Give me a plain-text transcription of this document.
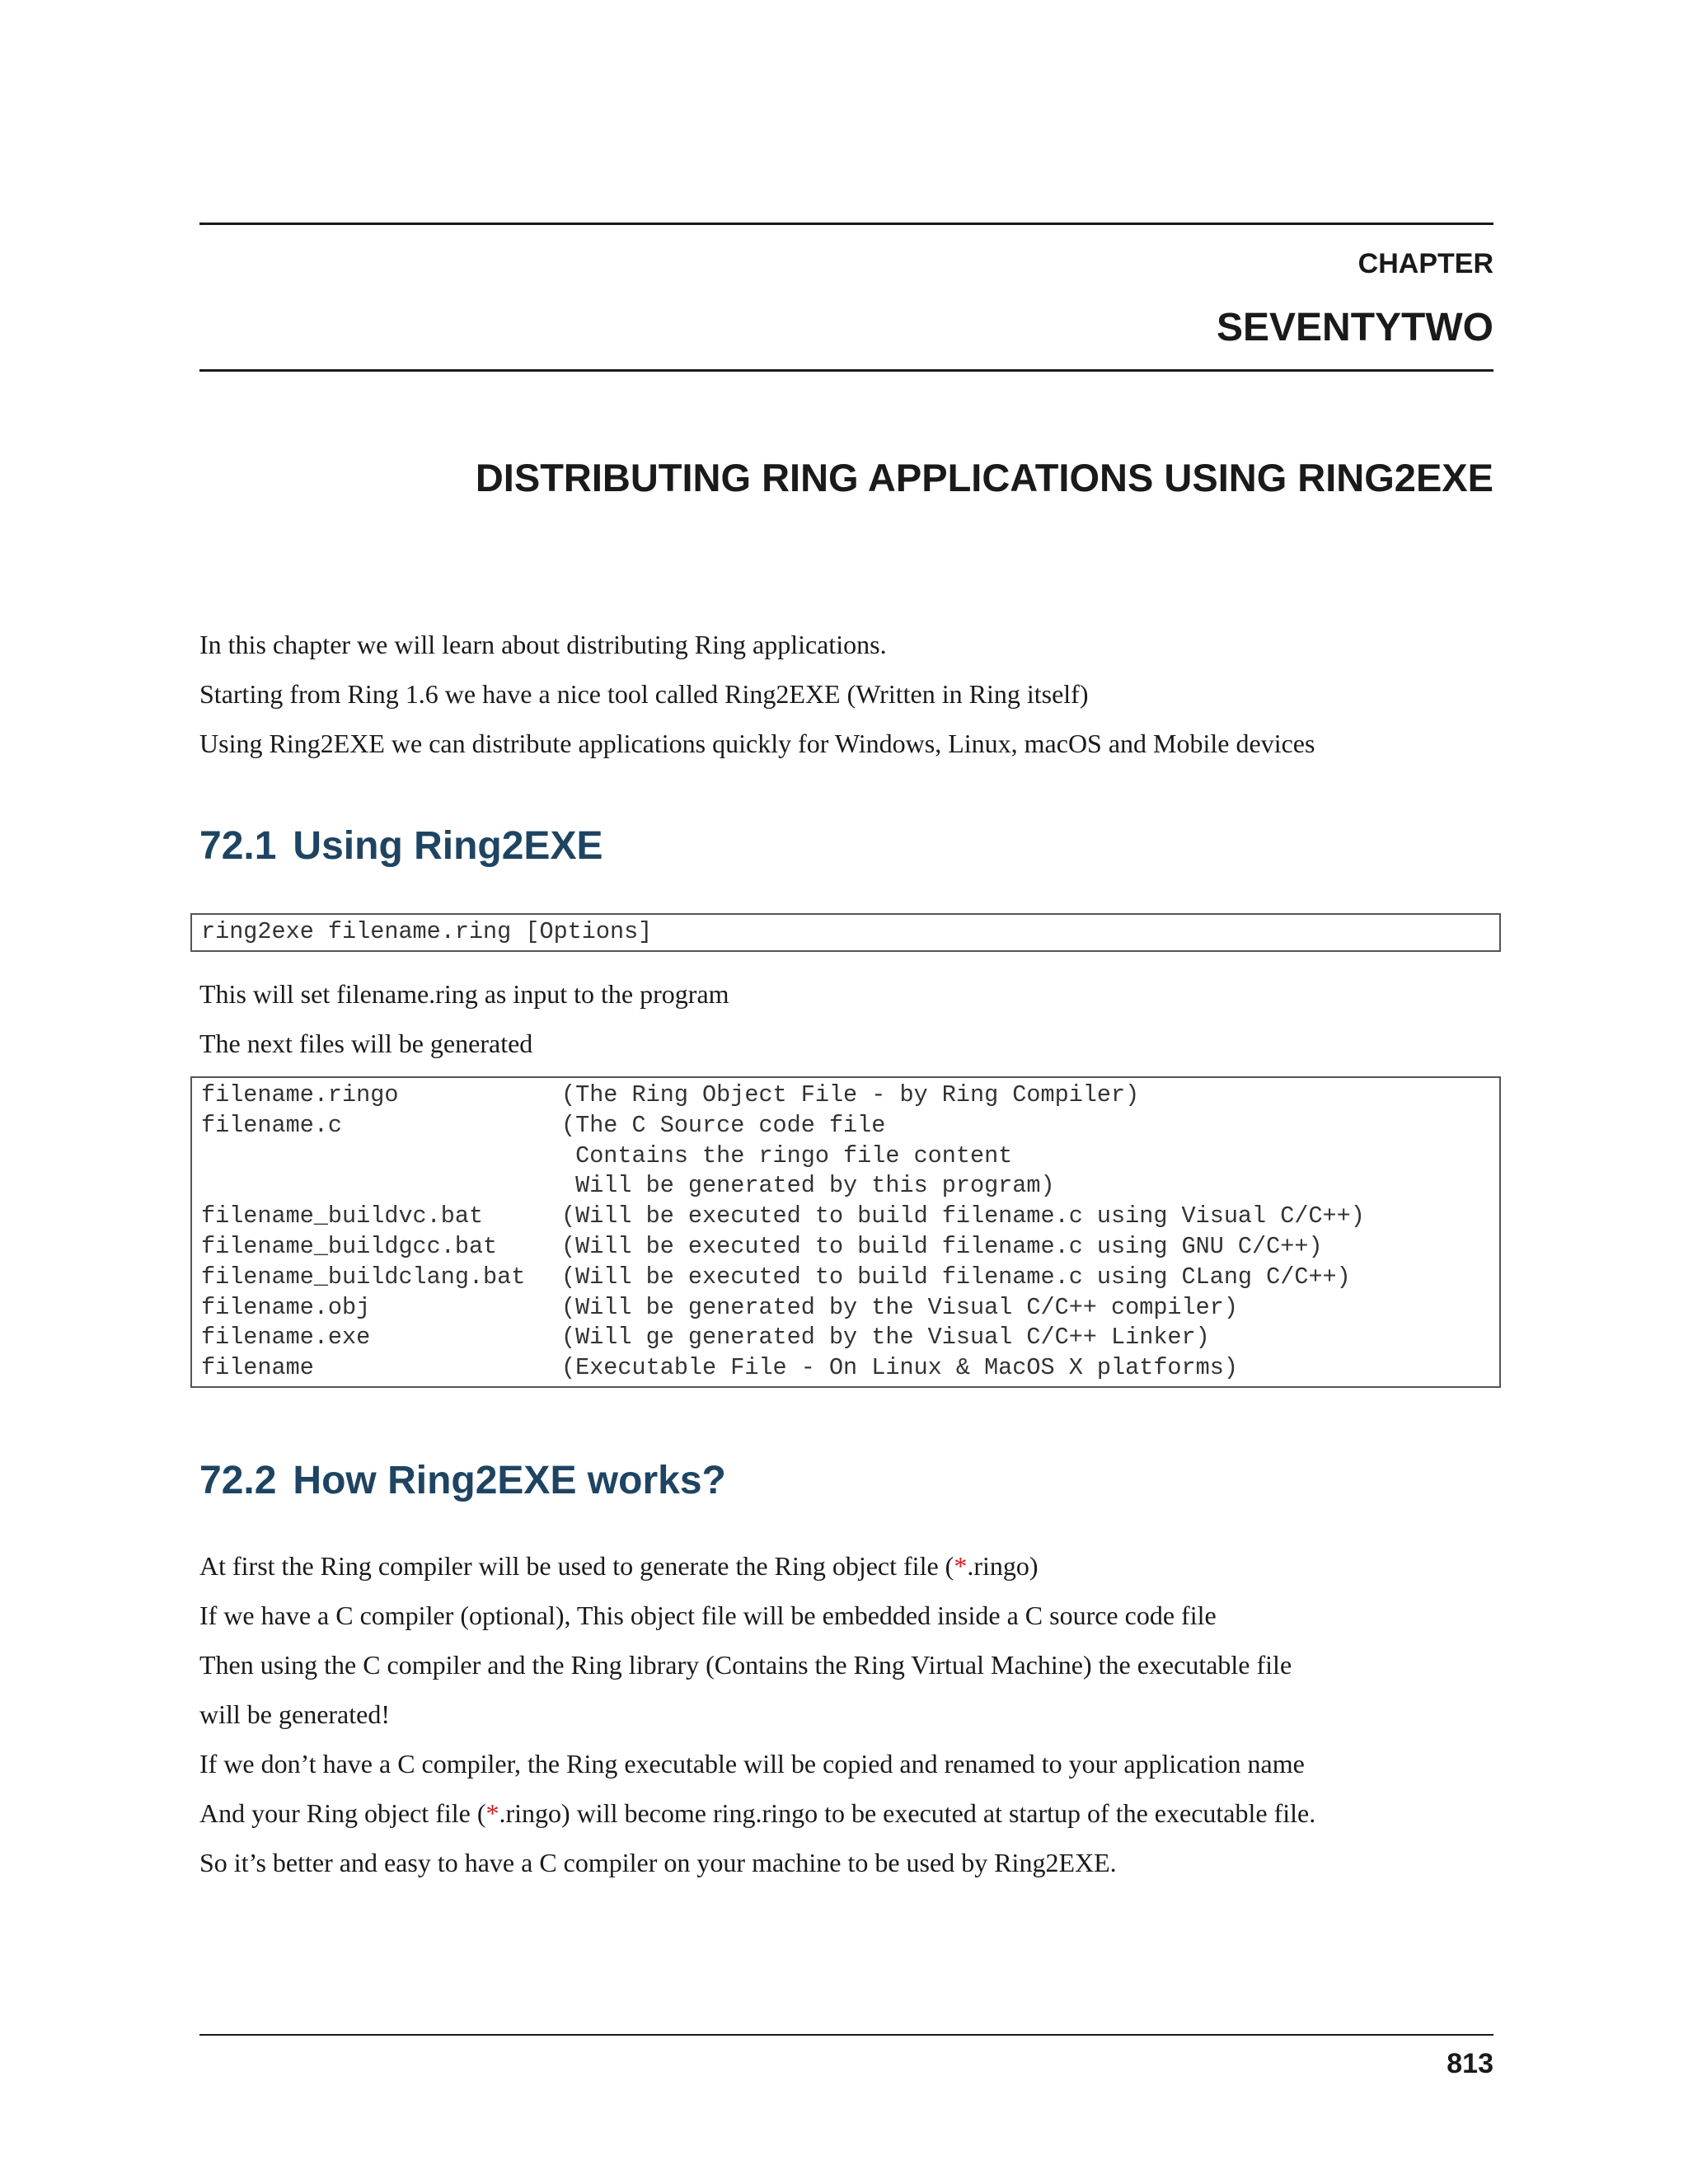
CHAPTER
SEVENTYTWO
DISTRIBUTING RING APPLICATIONS USING RING2EXE
In this chapter we will learn about distributing Ring applications.
Starting from Ring 1.6 we have a nice tool called Ring2EXE (Written in Ring itself)
Using Ring2EXE we can distribute applications quickly for Windows, Linux, macOS and Mobile devices
72.1 Using Ring2EXE
ring2exe filename.ring [Options]
This will set filename.ring as input to the program
The next files will be generated
filename.ringo	(The Ring Object File - by Ring Compiler)
filename.c	(The C Source code file
Contains the ringo file content
Will be generated by this program)
filename_buildvc.bat	(Will be executed to build filename.c using Visual C/C++)
filename_buildgcc.bat	(Will be executed to build filename.c using GNU C/C++)
filename_buildclang.bat	(Will be executed to build filename.c using CLang C/C++)
filename.obj	(Will be generated by the Visual C/C++ compiler)
filename.exe	(Will ge generated by the Visual C/C++ Linker)
filename	(Executable File - On Linux & MacOS X platforms)
72.2 How Ring2EXE works?
At first the Ring compiler will be used to generate the Ring object file (*.ringo)
If we have a C compiler (optional), This object file will be embedded inside a C source code file
Then using the C compiler and the Ring library (Contains the Ring Virtual Machine) the executable file
will be generated!
If we don’t have a C compiler, the Ring executable will be copied and renamed to your application name
And your Ring object file (*.ringo) will become ring.ringo to be executed at startup of the executable file.
So it’s better and easy to have a C compiler on your machine to be used by Ring2EXE.
813
